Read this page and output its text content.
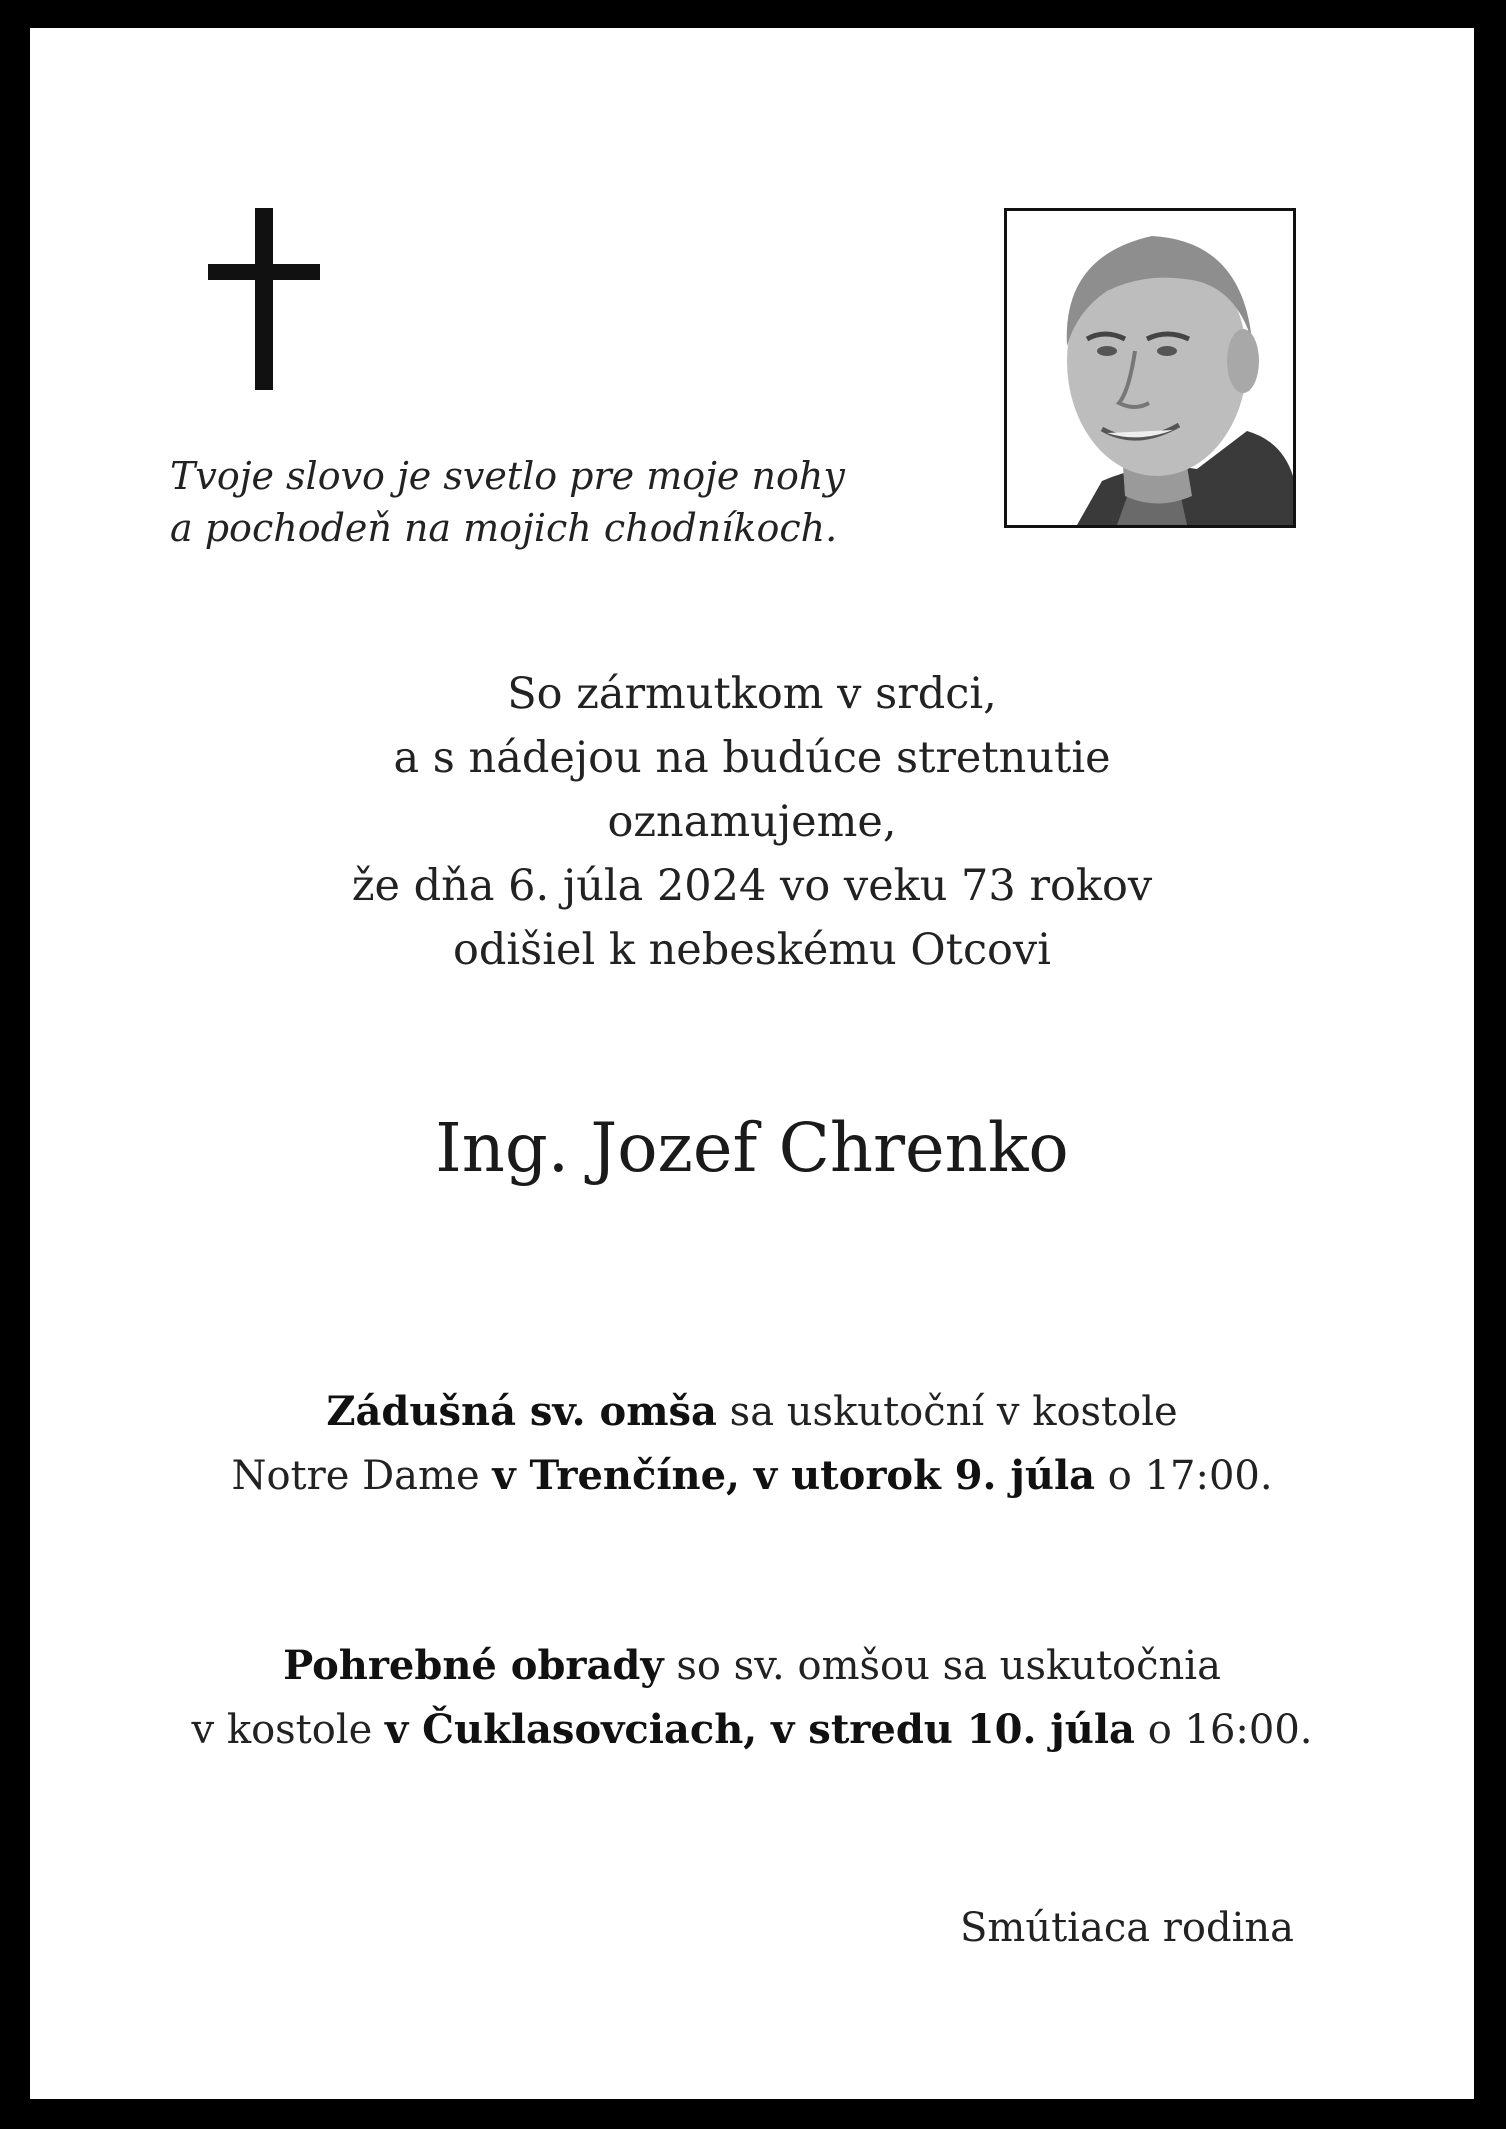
Tvoje slovo je svetlo pre moje nohy
a pochodeň na mojich chodníkoch.
So zármutkom v srdci,
a s nádejou na budúce stretnutie
oznamujeme,
že dňa 6. júla 2024 vo veku 73 rokov
odišiel k nebeskému Otcovi
Ing. Jozef Chrenko
Zádušná sv. omša sa uskutoční v kostole
Notre Dame v Trenčíne, v utorok 9. júla o 17:00.
Pohrebné obrady so sv. omšou sa uskutočnia
v kostole v Čuklasovciach, v stredu 10. júla o 16:00.
Smútiaca rodina
